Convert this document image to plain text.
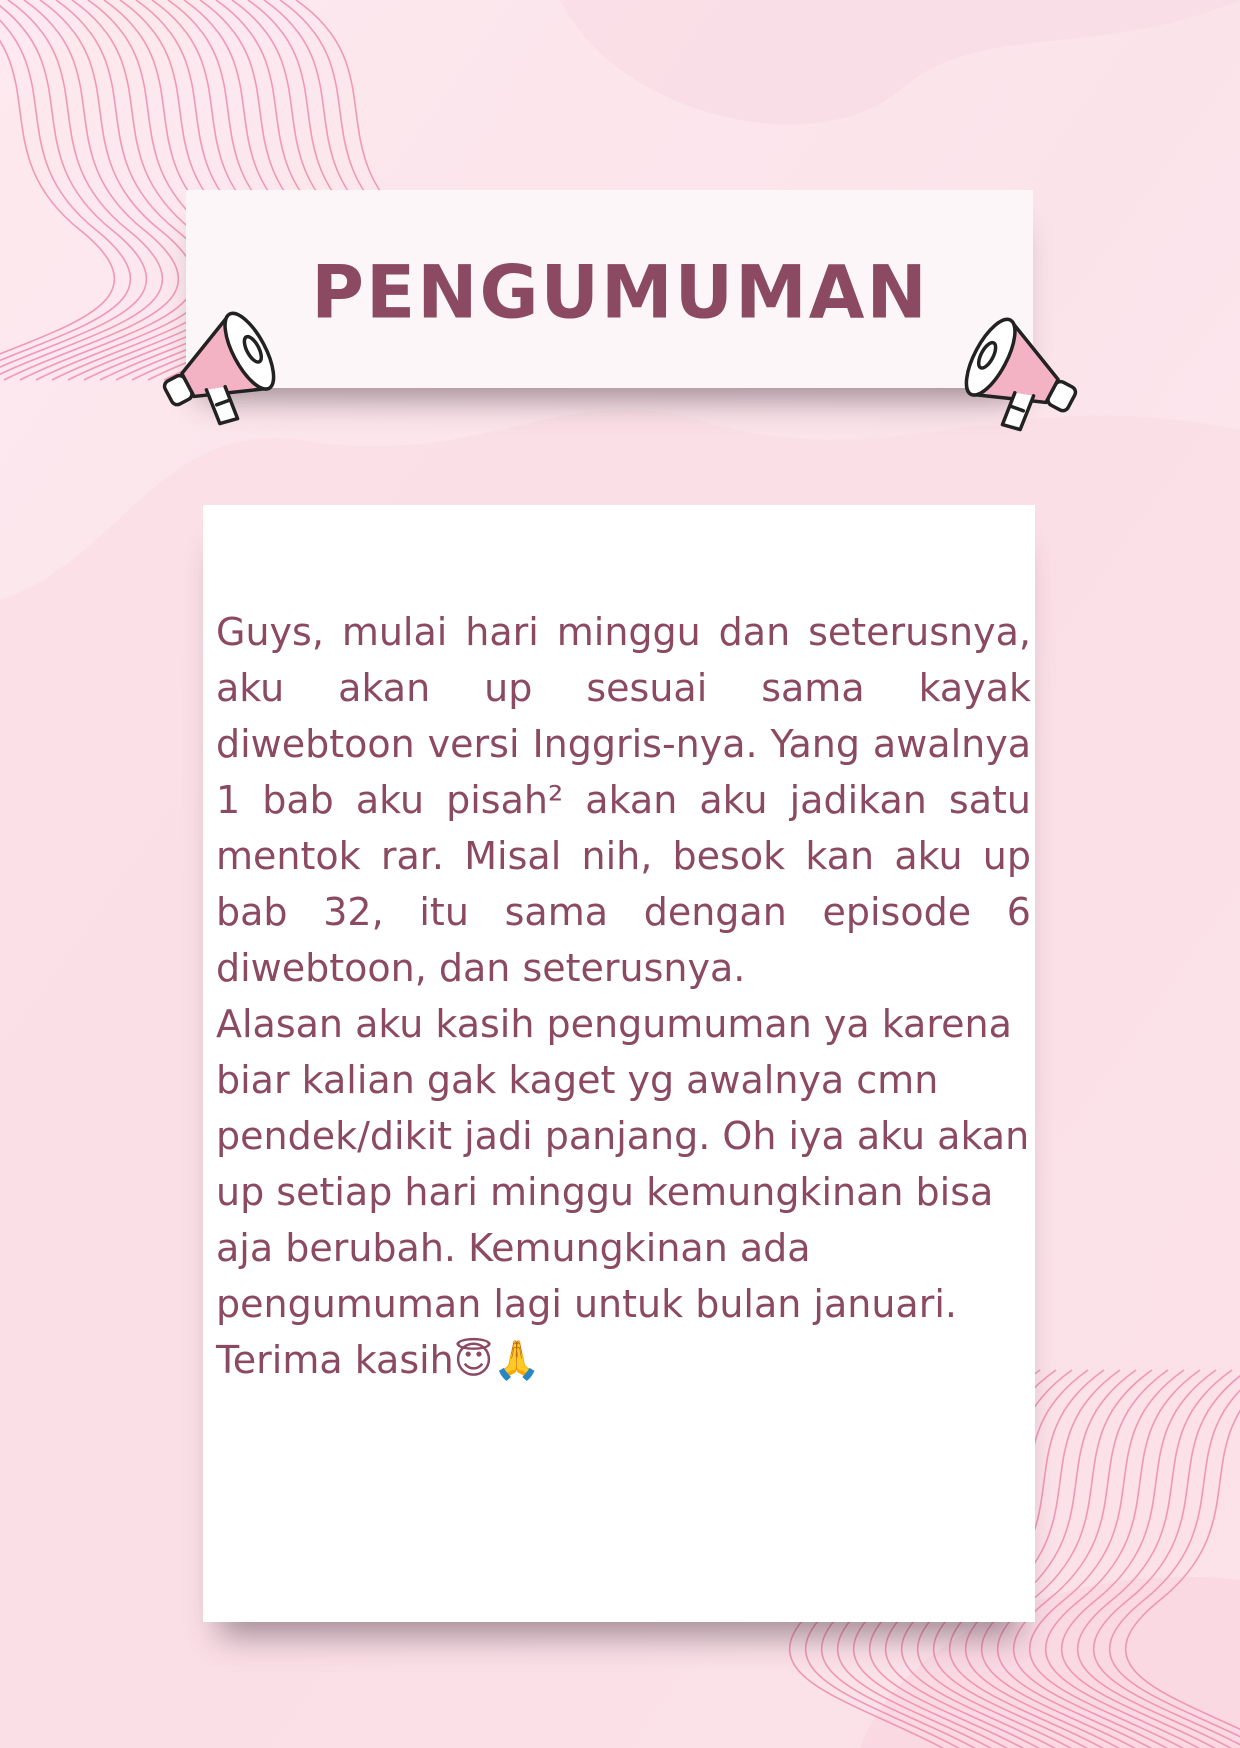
PENGUMUMAN

Guys, mulai hari minggu dan seterusnya, aku akan up sesuai sama kayak diwebtoon versi Inggris-nya. Yang awalnya 1 bab aku pisah² akan aku jadikan satu mentok rar. Misal nih, besok kan aku up bab 32, itu sama dengan episode 6 diwebtoon, dan seterusnya.

Alasan aku kasih pengumuman ya karena biar kalian gak kaget yg awalnya cmn pendek/dikit jadi panjang. Oh iya aku akan up setiap hari minggu kemungkinan bisa aja berubah. Kemungkinan ada pengumuman lagi untuk bulan januari. Terima kasih😇🙏
